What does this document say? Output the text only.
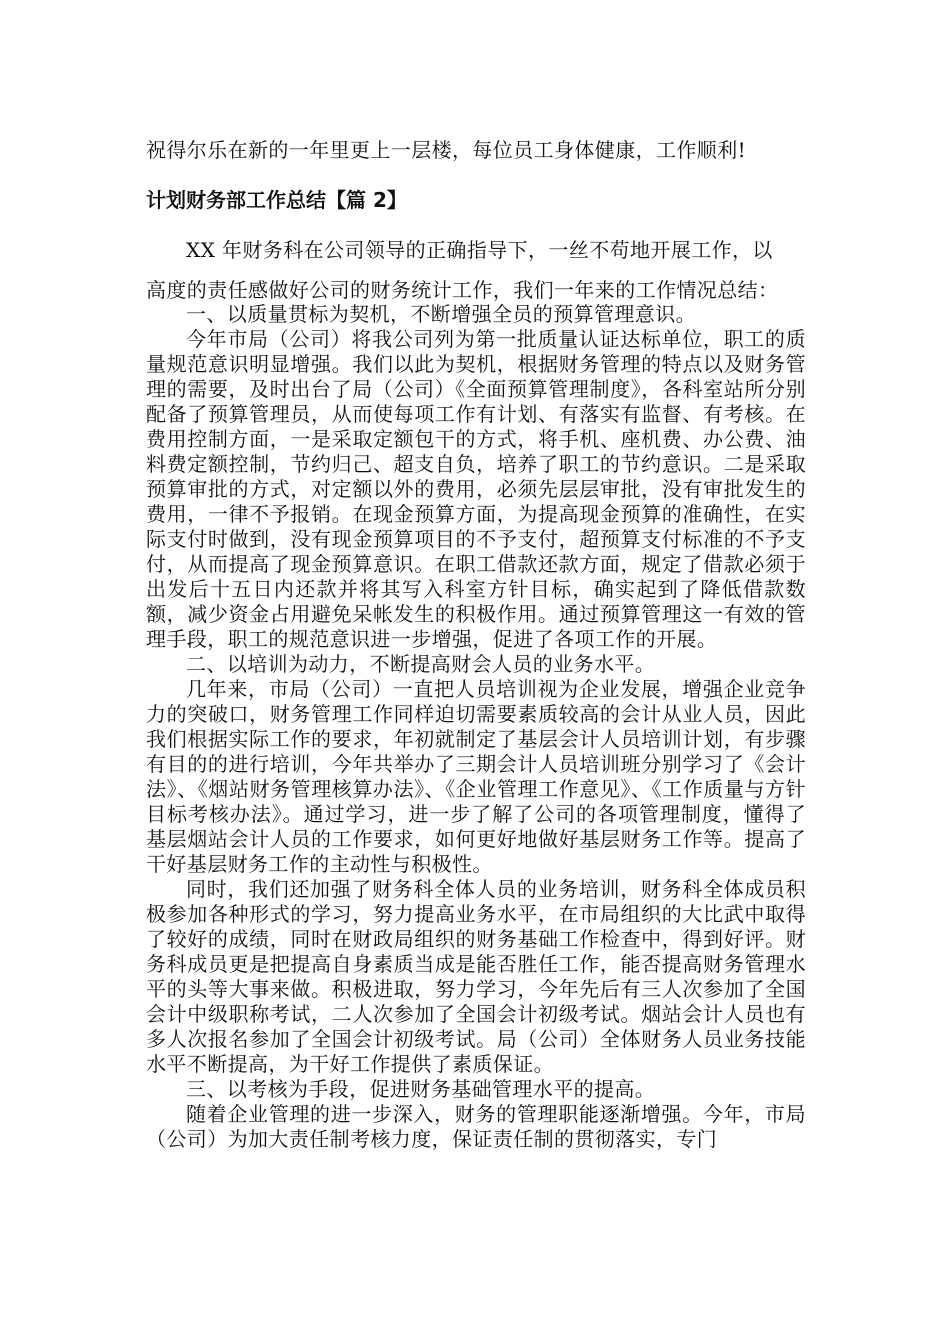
祝得尔乐在新的一年里更上一层楼，每位员工身体健康，工作顺利!
计划财务部工作总结【篇 2】
XX 年财务科在公司领导的正确指导下，一丝不苟地开展工作，以
高度的责任感做好公司的财务统计工作，我们一年来的工作情况总结：

一、以质量贯标为契机，不断增强全员的预算管理意识。

今年市局（公司）将我公司列为第一批质量认证达标单位，职工的质量规范意识明显增强。我们以此为契机，根据财务管理的特点以及财务管理的需要，及时出台了局（公司）《全面预算管理制度》，各科室站所分别配备了预算管理员，从而使每项工作有计划、有落实有监督、有考核。在费用控制方面，一是采取定额包干的方式，将手机、座机费、办公费、油料费定额控制，节约归己、超支自负，培养了职工的节约意识。二是采取预算审批的方式，对定额以外的费用，必须先层层审批，没有审批发生的费用，一律不予报销。在现金预算方面，为提高现金预算的准确性，在实际支付时做到，没有现金预算项目的不予支付，超预算支付标准的不予支付，从而提高了现金预算意识。在职工借款还款方面，规定了借款必须于出发后十五日内还款并将其写入科室方针目标，确实起到了降低借款数额，减少资金占用避免呆帐发生的积极作用。通过预算管理这一有效的管理手段，职工的规范意识进一步增强，促进了各项工作的开展。

二、以培训为动力，不断提高财会人员的业务水平。

几年来，市局（公司）一直把人员培训视为企业发展，增强企业竞争力的突破口，财务管理工作同样迫切需要素质较高的会计从业人员，因此我们根据实际工作的要求，年初就制定了基层会计人员培训计划，有步骤有目的的进行培训，今年共举办了三期会计人员培训班分别学习了《会计法》、《烟站财务管理核算办法》、《企业管理工作意见》、《工作质量与方针目标考核办法》。通过学习，进一步了解了公司的各项管理制度，懂得了基层烟站会计人员的工作要求，如何更好地做好基层财务工作等。提高了干好基层财务工作的主动性与积极性。

同时，我们还加强了财务科全体人员的业务培训，财务科全体成员积极参加各种形式的学习，努力提高业务水平，在市局组织的大比武中取得了较好的成绩，同时在财政局组织的财务基础工作检查中，得到好评。财务科成员更是把提高自身素质当成是能否胜任工作，能否提高财务管理水平的头等大事来做。积极进取，努力学习，今年先后有三人次参加了全国会计中级职称考试，二人次参加了全国会计初级考试。烟站会计人员也有多人次报名参加了全国会计初级考试。局（公司）全体财务人员业务技能水平不断提高，为干好工作提供了素质保证。

三、以考核为手段，促进财务基础管理水平的提高。

随着企业管理的进一步深入，财务的管理职能逐渐增强。今年，市局（公司）为加大责任制考核力度，保证责任制的贯彻落实，专门
